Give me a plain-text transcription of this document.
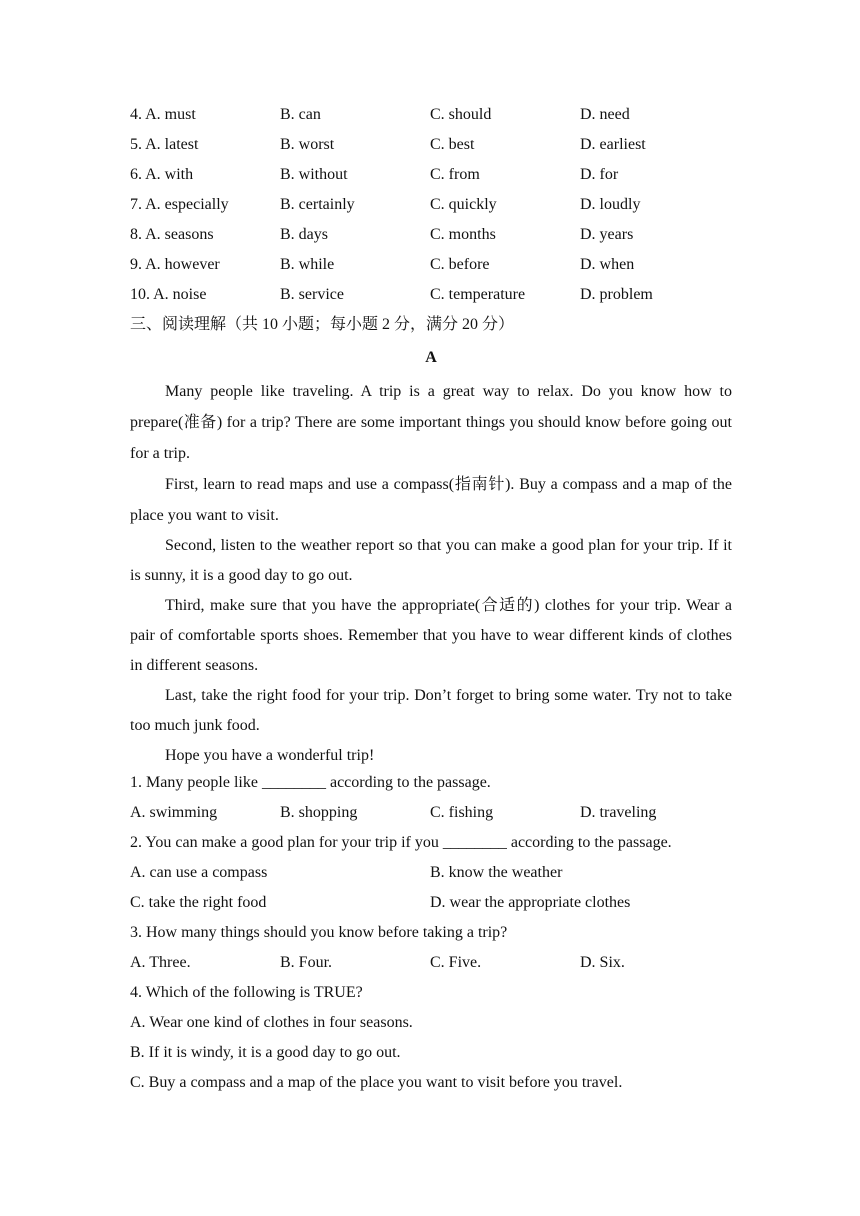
4. A. must	B. can	C. should	D. need
5. A. latest	B. worst	C. best	D. earliest
6. A. with	B. without	C. from	D. for
7. A. especially	B. certainly	C. quickly	D. loudly
8. A. seasons	B. days	C. months	D. years
9. A. however	B. while	C. before	D. when
10. A. noise	B. service	C. temperature	D. problem
三、阅读理解（共 10 小题；每小题 2 分，满分 20 分）
A

Many people like traveling. A trip is a great way to relax. Do you know how to prepare(准备) for a trip? There are some important things you should know before going out for a trip.

First, learn to read maps and use a compass(指南针). Buy a compass and a map of the place you want to visit.

Second, listen to the weather report so that you can make a good plan for your trip. If it is sunny, it is a good day to go out.

Third, make sure that you have the appropriate(合适的) clothes for your trip. Wear a pair of comfortable sports shoes. Remember that you have to wear different kinds of clothes in different seasons.

Last, take the right food for your trip. Don’t forget to bring some water. Try not to take too much junk food.

Hope you have a wonderful trip!

1. Many people like ________ according to the passage.
A. swimming	B. shopping	C. fishing	D. traveling
2. You can make a good plan for your trip if you ________ according to the passage.
A. can use a compass	B. know the weather
C. take the right food	D. wear the appropriate clothes
3. How many things should you know before taking a trip?
A. Three.	B. Four.	C. Five.	D. Six.
4. Which of the following is TRUE?
A. Wear one kind of clothes in four seasons.
B. If it is windy, it is a good day to go out.
C. Buy a compass and a map of the place you want to visit before you travel.
